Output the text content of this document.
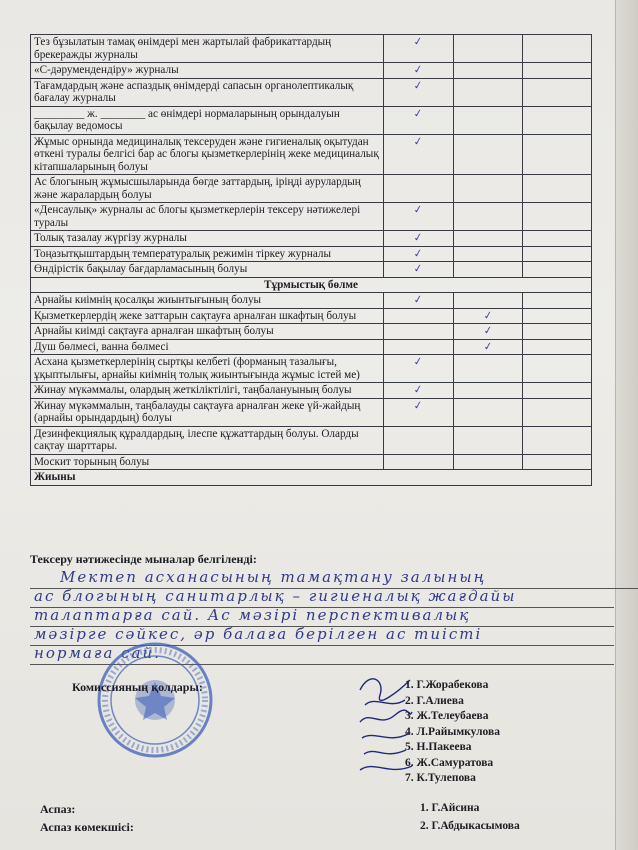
Тез бұзылатын тамақ өнімдері мен жартылай фабрикаттардың брекеражды журналы	✓		

«С-дәрумендендіру» журналы	✓		

Тағамдардың және аспаздық өнімдерді сапасын органолептикалық бағалау журналы	✓		

_________ ж. ________ ас өнімдері нормаларының орындалуын бақылау ведомосы	✓		

Жұмыс орнында медициналық тексеруден және гигиеналық оқытудан өткені туралы белгісі бар ас блогы қызметкерлерінің жеке медициналық кітапшаларының болуы	✓		

Ас блогының жұмысшыларында бөгде заттардың, іріңді аурулардың және жаралардың болуы			
«Денсаулық» журналы ас блогы қызметкерлерін тексеру нәтижелері туралы	✓		

Толық тазалау жүргізу журналы	✓		

Тоңазытқыштардың температуралық режимін тіркеу журналы	✓		

Өндірістік бақылау бағдарламасының болуы	✓		

Тұрмыстық бөлме			
Арнайы киімнің қосалқы жиынтығының болуы	✓		

Қызметкерлердің жеке заттарын сақтауға арналған шкафтың болуы		✓	

Арнайы киімді сақтауға арналған шкафтың болуы		✓	

Душ бөлмесі, ванна бөлмесі		✓	

Асхана қызметкерлерінің сыртқы келбеті (форманың тазалығы, ұқыптылығы, арнайы киімнің толық жиынтығында жұмыс істей ме)	✓		

Жинау мүкәммалы, олардың жеткіліктілігі, таңбалануының болуы	✓		

Жинау мүкәммалын, таңбалауды сақтауға арналған жеке үй-жайдың (арнайы орындардың) болуы	✓		

Дезинфекциялық құралдардың, ілеспе құжаттардың болуы. Оларды сақтау шарттары.			
Москит торының болуы			
Жиыны			
Тексеру нәтижесінде мыналар белгіленді:
Мектеп асханасының тамақтану залының
ас блогының санитарлық – гигиеналық жағдайы
талаптарға сай. Ас мәзірі перспективалық
мәзірге сәйкес, әр балаға берілген ас тиісті
нормаға сай.
Комиссияның қолдары:	1. Г.Жорабекова
2. Г.Алиева
3. Ж.Телеубаева
4. Л.Райымкулова
5. Н.Пакеева
6. Ж.Самуратова
7. К.Тулепова
Аспаз:
Аспаз көмекшісі:
1. Г.Айсина
2. Г.Абдыкасымова
